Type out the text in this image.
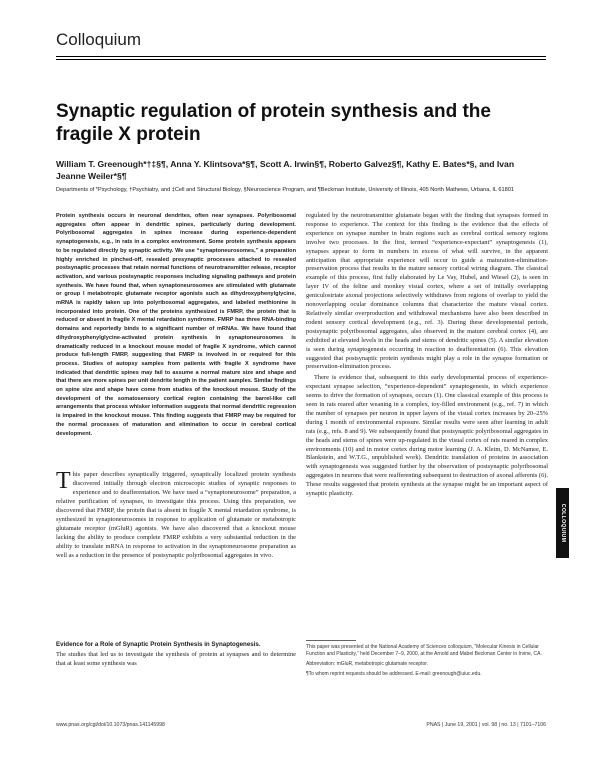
Colloquium
Synaptic regulation of protein synthesis and the fragile X protein
William T. Greenough*†‡§¶, Anna Y. Klintsova*§¶, Scott A. Irwin§¶, Roberto Galvez§¶, Kathy E. Bates*§, and Ivan Jeanne Weiler*§¶
Departments of *Psychology, †Psychiatry, and ‡Cell and Structural Biology, §Neuroscience Program, and ¶Beckman Institute, University of Illinois, 405 North Mathews, Urbana, IL 61801

Protein synthesis occurs in neuronal dendrites, often near synapses. Polyribosomal aggregates often appear in dendritic spines, particularly during development. Polyribosomal aggregates in spines increase during experience-dependent synaptogenesis, e.g., in rats in a complex environment. Some protein synthesis appears to be regulated directly by synaptic activity. We use “synaptoneurosomes,” a preparation highly enriched in pinched-off, resealed presynaptic processes attached to resealed postsynaptic processes that retain normal functions of neurotransmitter release, receptor activation, and various postsynaptic responses including signaling pathways and protein synthesis. We have found that, when synaptoneurosomes are stimulated with glutamate or group I metabotropic glutamate receptor agonists such as dihydroxyphenylglycine, mRNA is rapidly taken up into polyribosomal aggregates, and labeled methionine is incorporated into protein. One of the proteins synthesized is FMRP, the protein that is reduced or absent in fragile X mental retardation syndrome. FMRP has three RNA-binding domains and reportedly binds to a significant number of mRNAs. We have found that dihydroxyphenylglycine-activated protein synthesis in synaptoneurosomes is dramatically reduced in a knockout mouse model of fragile X syndrome, which cannot produce full-length FMRP, suggesting that FMRP is involved in or required for this process. Studies of autopsy samples from patients with fragile X syndrome have indicated that dendritic spines may fail to assume a normal mature size and shape and that there are more spines per unit dendrite length in the patient samples. Similar findings on spine size and shape have come from studies of the knockout mouse. Study of the development of the somatosensory cortical region containing the barrel-like cell arrangements that process whisker information suggests that normal dendritic regression is impaired in the knockout mouse. This finding suggests that FMRP may be required for the normal processes of maturation and elimination to occur in cerebral cortical development.

This paper describes synaptically triggered, synaptically localized protein synthesis discovered initially through electron microscopic studies of synaptic responses to experience and to deafferentation. We have used a “synaptoneurosome” preparation, a relative purification of synapses, to investigate this process. Using this preparation, we discovered that FMRP, the protein that is absent in fragile X mental retardation syndrome, is synthesized in synaptoneurosomes in response to application of glutamate or metabotropic glutamate receptor (mGluR) agonists. We have also discovered that a knockout mouse lacking the ability to produce complete FMRP exhibits a very substantial reduction in the ability to translate mRNA in response to activation in the synaptoneurosome preparation as well as a reduction in the presence of postsynaptic polyribosomal aggregates in vivo.

Evidence for a Role of Synaptic Protein Synthesis in Synaptogenesis.

The studies that led us to investigate the synthesis of protein at synapses and to determine that at least some synthesis was

regulated by the neurotransmitter glutamate began with the finding that synapses formed in response to experience. The context for this finding is the evidence that the effects of experience on synapse number in brain regions such as cerebral cortical sensory regions involve two processes. In the first, termed “experience-expectant” synaptogenesis (1), synapses appear to form in numbers in excess of what will survive, in the apparent anticipation that appropriate experience will occur to guide a maturation-elimination-preservation process that results in the mature sensory cortical wiring diagram. The classical example of this process, first fully elaborated by Le Vay, Hubel, and Wiesel (2), is seen in layer IV of the feline and monkey visual cortex, where a set of initially overlapping geniculostriate axonal projections selectively withdraws from regions of overlap to yield the nonoverlapping ocular dominance columns that characterize the mature visual cortex. Relatively similar overproduction and withdrawal mechanisms have also been described in rodent sensory cortical development (e.g., ref. 3). During these developmental periods, postsynaptic polyribosomal aggregates, also observed in the mature cerebral cortex (4), are exhibited at elevated levels in the heads and stems of dendritic spines (5). A similar elevation is seen during synaptogenesis occurring in reaction to deafferentation (6). This elevation suggested that postsynaptic protein synthesis might play a role in the synapse formation or preservation-elimination process.

There is evidence that, subsequent to this early developmental process of experience-expectant synapse selection, “experience-dependent” synaptogenesis, in which experience seems to drive the formation of synapses, occurs (1). One classical example of this process is seen in rats reared after weaning in a complex, toy-filled environment (e.g., ref. 7) in which the number of synapses per neuron in upper layers of the visual cortex increases by 20–25% during 1 month of environmental exposure. Similar results were seen after learning in adult rats (e.g., refs. 8 and 9). We subsequently found that postsynaptic polyribosomal aggregates in the heads and stems of spines were up-regulated in the visual cortex of rats reared in complex environments (10) and in motor cortex during motor learning (J. A. Kleim, D. McNamee, E. Blankstein, and W.T.G., unpublished work). Dendritic translation of proteins in association with synaptogenesis was suggested further by the observation of postsynaptic polyribosomal aggregates in neurons that were reafferenting subsequent to destruction of axonal afferents (6). These results suggested that protein synthesis at the synapse might be an important aspect of synaptic plasticity.

This paper was presented at the National Academy of Sciences colloquium, “Molecular Kinesis in Cellular Function and Plasticity,” held December 7–9, 2000, at the Arnold and Mabel Beckman Center in Irvine, CA.
Abbreviation: mGluR, metabotropic glutamate receptor.
¶To whom reprint requests should be addressed. E-mail: greenough@uiuc.edu.
www.pnas.org/cgi/doi/10.1073/pnas.141145998	PNAS | June 19, 2001 | vol. 98 | no. 13 | 7101–7106
COLLOQUIUM
